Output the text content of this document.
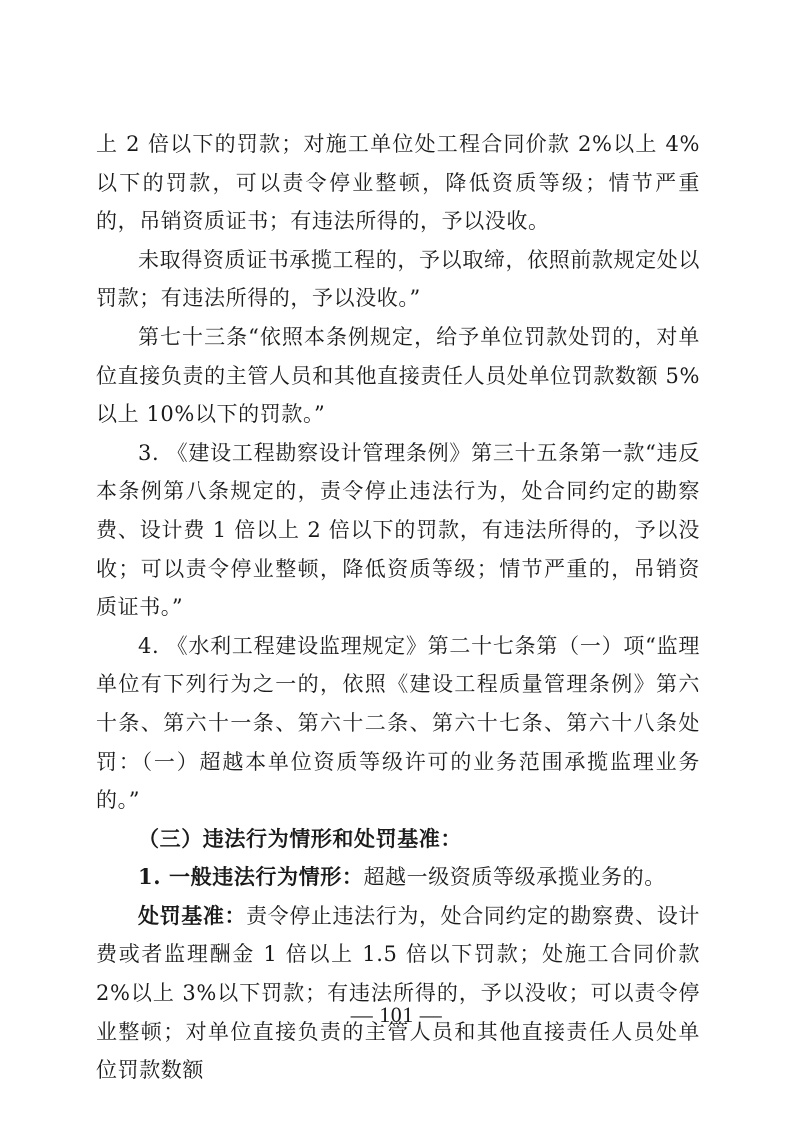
上 2 倍以下的罚款；对施工单位处工程合同价款 2%以上 4%以下的罚款，可以责令停业整顿，降低资质等级；情节严重的，吊销资质证书；有违法所得的，予以没收。

未取得资质证书承揽工程的，予以取缔，依照前款规定处以罚款；有违法所得的，予以没收。”

第七十三条“依照本条例规定，给予单位罚款处罚的，对单位直接负责的主管人员和其他直接责任人员处单位罚款数额 5%以上 10%以下的罚款。”

3. 《建设工程勘察设计管理条例》第三十五条第一款“违反本条例第八条规定的，责令停止违法行为，处合同约定的勘察费、设计费 1 倍以上 2 倍以下的罚款，有违法所得的，予以没收；可以责令停业整顿，降低资质等级；情节严重的，吊销资质证书。”

4. 《水利工程建设监理规定》第二十七条第（一）项“监理单位有下列行为之一的，依照《建设工程质量管理条例》第六十条、第六十一条、第六十二条、第六十七条、第六十八条处罚：（一）超越本单位资质等级许可的业务范围承揽监理业务的。”

（三）违法行为情形和处罚基准：

1. 一般违法行为情形：超越一级资质等级承揽业务的。

处罚基准：责令停止违法行为，处合同约定的勘察费、设计费或者监理酬金 1 倍以上 1.5 倍以下罚款；处施工合同价款 2%以上 3%以下罚款；有违法所得的，予以没收；可以责令停业整顿；对单位直接负责的主管人员和其他直接责任人员处单位罚款数额

— 101 —
